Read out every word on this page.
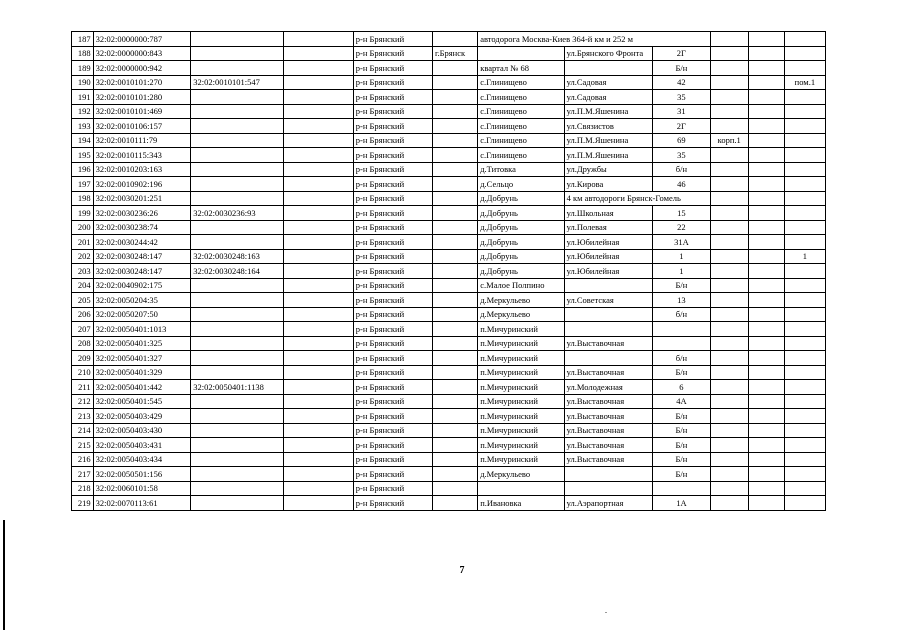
187	32:02:0000000:787			р-н Брянский		автодорога Москва-Киев 364-й км и 252 м					
188	32:02:0000000:843			р-н Брянский	г.Брянск		ул.Брянского Фронта	2Г			
189	32:02:0000000:942			р-н Брянский		квартал № 68		Б/н			
190	32:02:0010101:270	32:02:0010101:547		р-н Брянский		с.Глинищево	ул.Садовая	42			пом.1
191	32:02:0010101:280			р-н Брянский		с.Глинищево	ул.Садовая	35			
192	32:02:0010101:469			р-н Брянский		с.Глинищево	ул.П.М.Яшенина	31			
193	32:02:0010106:157			р-н Брянский		с.Глинищево	ул.Связистов	2Г			
194	32:02:0010111:79			р-н Брянский		с.Глинищево	ул.П.М.Яшенина	69	корп.1		
195	32:02:0010115:343			р-н Брянский		с.Глинищево	ул.П.М.Яшенина	35			
196	32:02:0010203:163			р-н Брянский		д.Титовка	ул.Дружбы	б/н			
197	32:02:0010902:196			р-н Брянский		д.Сельцо	ул.Кирова	46			
198	32:02:0030201:251			р-н Брянский		д.Добрунь	4 км автодороги Брянск-Гомель				
199	32:02:0030236:26	32:02:0030236:93		р-н Брянский		д.Добрунь	ул.Школьная	15			
200	32:02:0030238:74			р-н Брянский		д.Добрунь	ул.Полевая	22			
201	32:02:0030244:42			р-н Брянский		д.Добрунь	ул.Юбилейная	31А			
202	32:02:0030248:147	32:02:0030248:163		р-н Брянский		д.Добрунь	ул.Юбилейная	1			1
203	32:02:0030248:147	32:02:0030248:164		р-н Брянский		д.Добрунь	ул.Юбилейная	1			
204	32:02:0040902:175			р-н Брянский		с.Малое Полпино		Б/н			
205	32:02:0050204:35			р-н Брянский		д.Меркульево	ул.Советская	13			
206	32:02:0050207:50			р-н Брянский		д.Меркульево		б/н			
207	32:02:0050401:1013			р-н Брянский		п.Мичуринский					
208	32:02:0050401:325			р-н Брянский		п.Мичуринский	ул.Выставочная				
209	32:02:0050401:327			р-н Брянский		п.Мичуринский		б/н			
210	32:02:0050401:329			р-н Брянский		п.Мичуринский	ул.Выставочная	Б/н			
211	32:02:0050401:442	32:02:0050401:1138		р-н Брянский		п.Мичуринский	ул.Молодежная	6			
212	32:02:0050401:545			р-н Брянский		п.Мичуринский	ул.Выставочная	4А			
213	32:02:0050403:429			р-н Брянский		п.Мичуринский	ул.Выставочная	Б/н			
214	32:02:0050403:430			р-н Брянский		п.Мичуринский	ул.Выставочная	Б/н			
215	32:02:0050403:431			р-н Брянский		п.Мичуринский	ул.Выставочная	Б/н			
216	32:02:0050403:434			р-н Брянский		п.Мичуринский	ул.Выставочная	Б/н			
217	32:02:0050501:156			р-н Брянский		д.Меркульево		Б/н			
218	32:02:0060101:58			р-н Брянский							
219	32:02:0070113:61			р-н Брянский		п.Ивановка	ул.Аэрапортная	1А			
7
